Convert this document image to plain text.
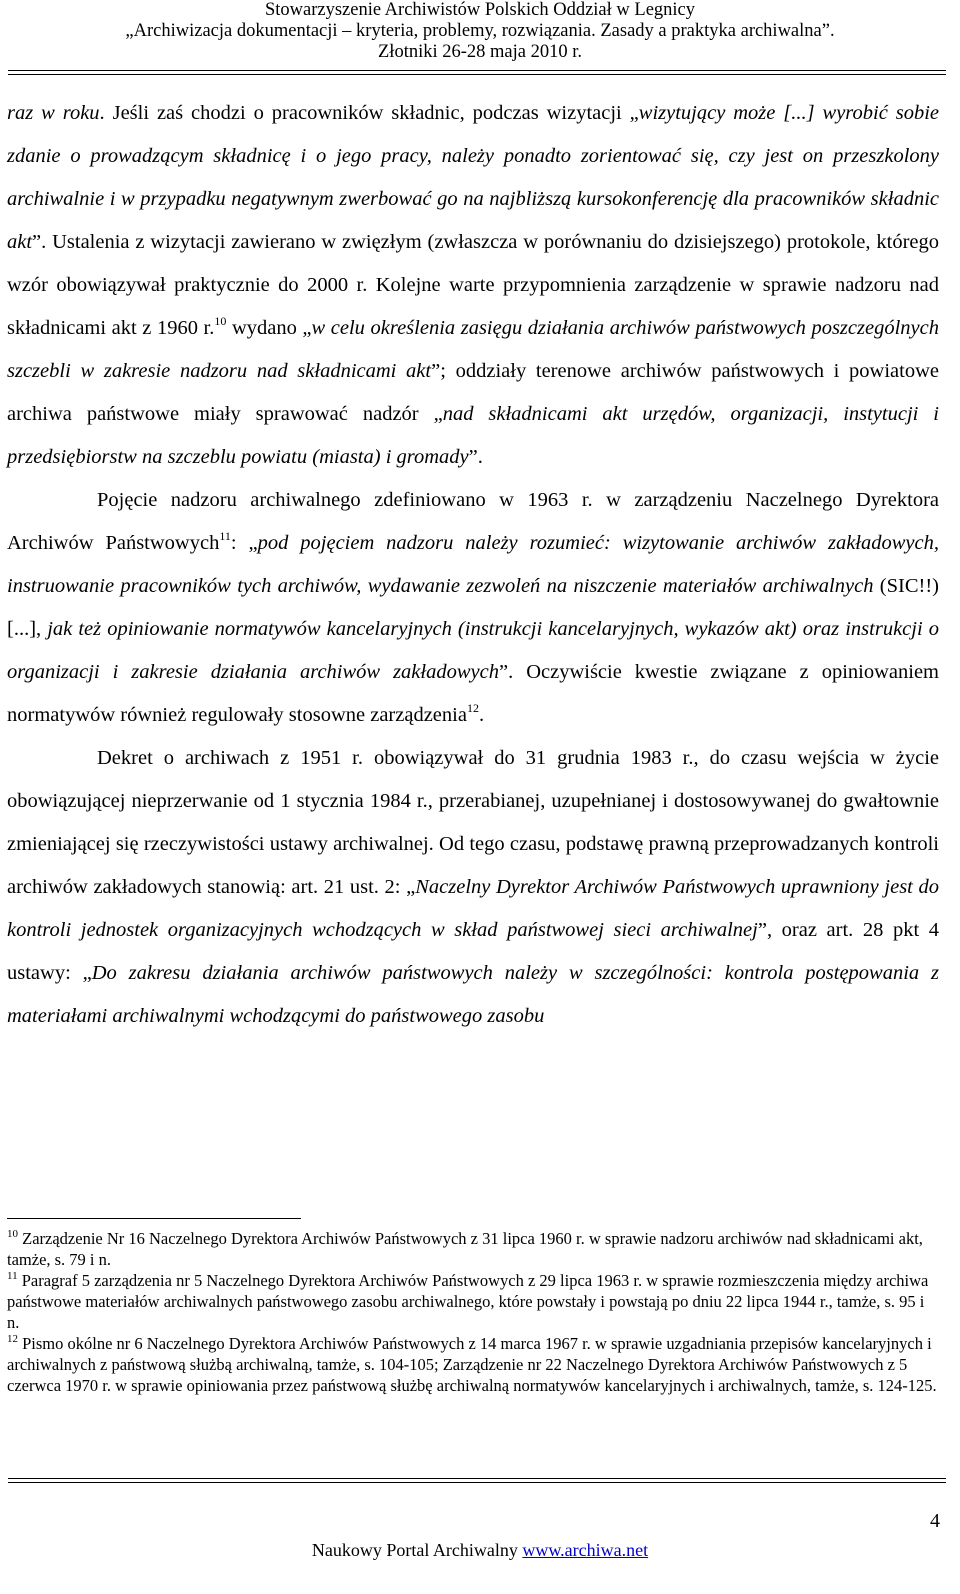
Stowarzyszenie Archiwistów Polskich Oddział w Legnicy
„Archiwizacja dokumentacji – kryteria, problemy, rozwiązania. Zasady a praktyka archiwalna”.
Złotniki 26-28 maja 2010 r.

raz w roku. Jeśli zaś chodzi o pracowników składnic, podczas wizytacji „wizytujący może [...] wyrobić sobie zdanie o prowadzącym składnicę i o jego pracy, należy ponadto zorientować się, czy jest on przeszkolony archiwalnie i w przypadku negatywnym zwerbować go na najbliższą kursokonferencję dla pracowników składnic akt”. Ustalenia z wizytacji zawierano w zwięzłym (zwłaszcza w porównaniu do dzisiejszego) protokole, którego wzór obowiązywał praktycznie do 2000 r. Kolejne warte przypomnienia zarządzenie w sprawie nadzoru nad składnicami akt z 1960 r.$^{10}$ wydano „w celu określenia zasięgu działania archiwów państwowych poszczególnych szczebli w zakresie nadzoru nad składnicami akt”; oddziały terenowe archiwów państwowych i powiatowe archiwa państwowe miały sprawować nadzór „nad składnicami akt urzędów, organizacji, instytucji i przedsiębiorstw na szczeblu powiatu (miasta) i gromady”.

Pojęcie nadzoru archiwalnego zdefiniowano w 1963 r. w zarządzeniu Naczelnego Dyrektora Archiwów Państwowych$^{11}$: „pod pojęciem nadzoru należy rozumieć: wizytowanie archiwów zakładowych, instruowanie pracowników tych archiwów, wydawanie zezwoleń na niszczenie materiałów archiwalnych (SIC!!) [...], jak też opiniowanie normatywów kancelaryjnych (instrukcji kancelaryjnych, wykazów akt) oraz instrukcji o organizacji i zakresie działania archiwów zakładowych”. Oczywiście kwestie związane z opiniowaniem normatywów również regulowały stosowne zarządzenia$^{12}$.

Dekret o archiwach z 1951 r. obowiązywał do 31 grudnia 1983 r., do czasu wejścia w życie obowiązującej nieprzerwanie od 1 stycznia 1984 r., przerabianej, uzupełnianej i dostosowywanej do gwałtownie zmieniającej się rzeczywistości ustawy archiwalnej. Od tego czasu, podstawę prawną przeprowadzanych kontroli archiwów zakładowych stanowią: art. 21 ust. 2: „Naczelny Dyrektor Archiwów Państwowych uprawniony jest do kontroli jednostek organizacyjnych wchodzących w skład państwowej sieci archiwalnej”, oraz art. 28 pkt 4 ustawy: „Do zakresu działania archiwów państwowych należy w szczególności: kontrola postępowania z materiałami archiwalnymi wchodzącymi do państwowego zasobu

$^{10}$ Zarządzenie Nr 16 Naczelnego Dyrektora Archiwów Państwowych z 31 lipca 1960 r. w sprawie nadzoru archiwów nad składnicami akt, tamże, s. 79 i n.

$^{11}$ Paragraf 5 zarządzenia nr 5 Naczelnego Dyrektora Archiwów Państwowych z 29 lipca 1963 r. w sprawie rozmieszczenia między archiwa państwowe materiałów archiwalnych państwowego zasobu archiwalnego, które powstały i powstają po dniu 22 lipca 1944 r., tamże, s. 95 i n.

$^{12}$ Pismo okólne nr 6 Naczelnego Dyrektora Archiwów Państwowych z 14 marca 1967 r. w sprawie uzgadniania przepisów kancelaryjnych i archiwalnych z państwową służbą archiwalną, tamże, s. 104-105; Zarządzenie nr 22 Naczelnego Dyrektora Archiwów Państwowych z 5 czerwca 1970 r. w sprawie opiniowania przez państwową służbę archiwalną normatywów kancelaryjnych i archiwalnych, tamże, s. 124-125.

4
Naukowy Portal Archiwalny www.archiwa.net
